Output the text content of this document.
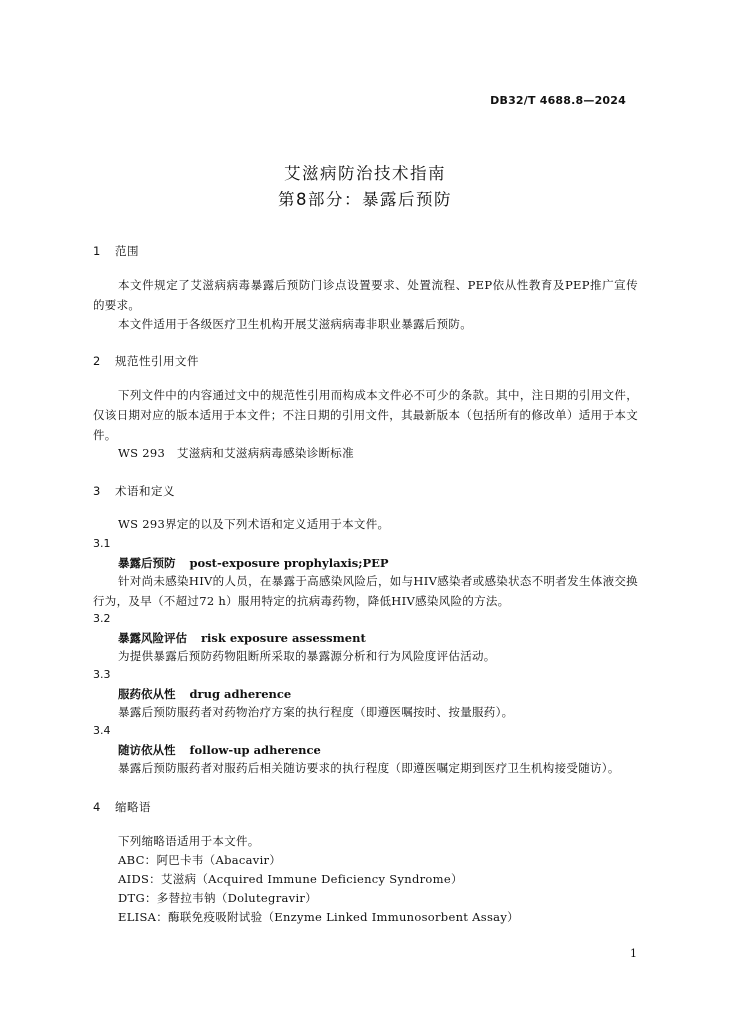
DB32/T 4688.8—2024
艾滋病防治技术指南
第8部分：暴露后预防
1 范围
本文件规定了艾滋病病毒暴露后预防门诊点设置要求、处置流程、PEP依从性教育及PEP推广宣传的要求。
本文件适用于各级医疗卫生机构开展艾滋病病毒非职业暴露后预防。
2 规范性引用文件
下列文件中的内容通过文中的规范性引用而构成本文件必不可少的条款。其中，注日期的引用文件，仅该日期对应的版本适用于本文件；不注日期的引用文件，其最新版本（包括所有的修改单）适用于本文件。
WS 293　艾滋病和艾滋病病毒感染诊断标准
3 术语和定义
WS 293界定的以及下列术语和定义适用于本文件。
3.1
暴露后预防 post-exposure prophylaxis;PEP
针对尚未感染HIV的人员，在暴露于高感染风险后，如与HIV感染者或感染状态不明者发生体液交换行为，及早（不超过72 h）服用特定的抗病毒药物，降低HIV感染风险的方法。
3.2
暴露风险评估 risk exposure assessment
为提供暴露后预防药物阻断所采取的暴露源分析和行为风险度评估活动。
3.3
服药依从性 drug adherence
暴露后预防服药者对药物治疗方案的执行程度（即遵医嘱按时、按量服药）。
3.4
随访依从性 follow-up adherence
暴露后预防服药者对服药后相关随访要求的执行程度（即遵医嘱定期到医疗卫生机构接受随访）。
4 缩略语
下列缩略语适用于本文件。
ABC：阿巴卡韦（Abacavir）
AIDS：艾滋病（Acquired Immune Deficiency Syndrome）
DTG：多替拉韦钠（Dolutegravir）
ELISA：酶联免疫吸附试验（Enzyme Linked Immunosorbent Assay）
1
